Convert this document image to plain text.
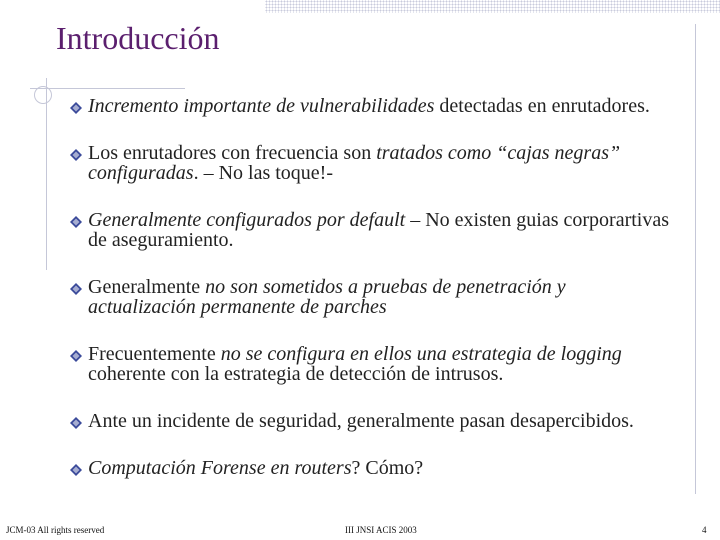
Introducción
Incremento importante de vulnerabilidades detectadas en enrutadores.
Los enrutadores con frecuencia son tratados como “cajas negras” configuradas. – No las toque!-
Generalmente configurados por default – No existen guias corporartivas de aseguramiento.
Generalmente no son sometidos a pruebas de penetración y actualización permanente de parches
Frecuentemente no se configura en ellos una estrategia de logging coherente con la estrategia de detección de intrusos.
Ante un incidente de seguridad, generalmente pasan desapercibidos.
Computación Forense en routers? Cómo?
JCM-03 All rights reserved	III JNSI ACIS 2003	4
